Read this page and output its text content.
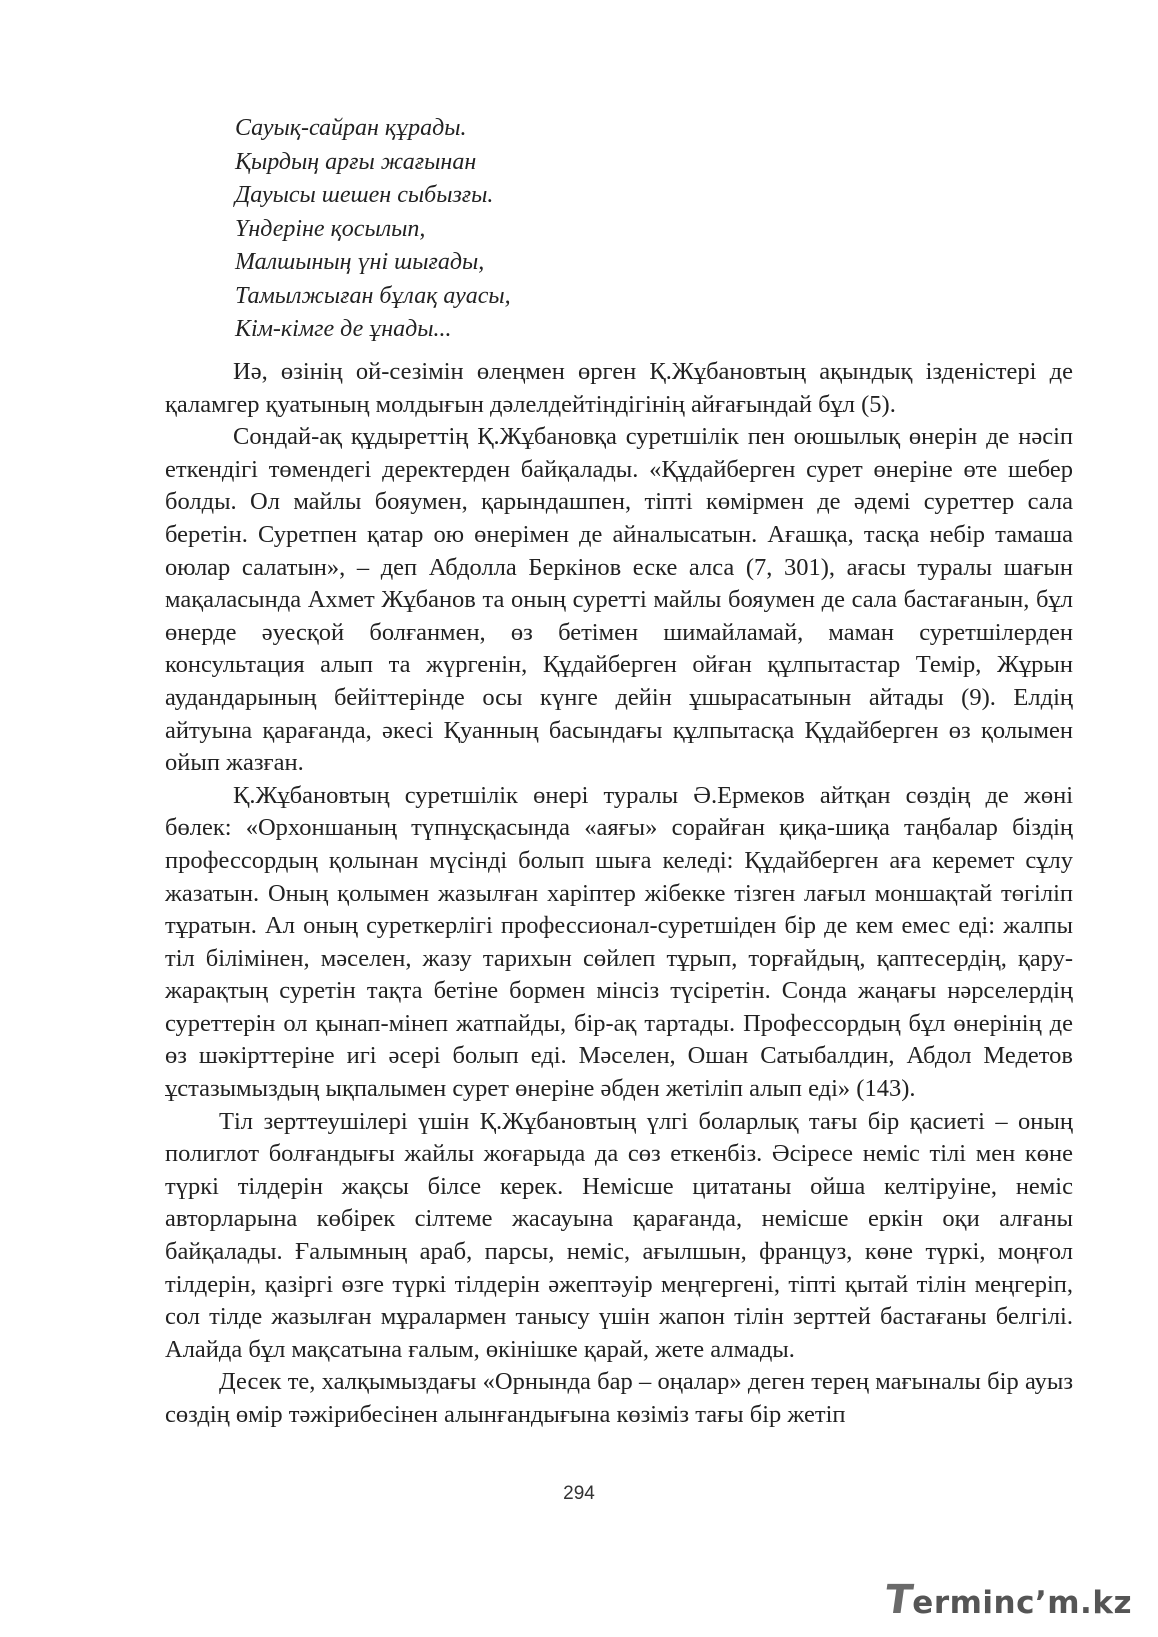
Сауық-сайран құрады.
Қырдың арғы жағынан
Дауысы шешен сыбызғы.
Үндеріне қосылып,
Малшының үні шығады,
Тамылжыған бұлақ ауасы,
Кім-кімге де ұнады...

Иә, өзінің ой-сезімін өлеңмен өрген Қ.Жұбановтың ақындық ізденістері де қаламгер қуатының молдығын дәлелдейтіндігінің айғағындай бұл (5).

Сондай-ақ құдыреттің Қ.Жұбановқа суретшілік пен оюшылық өнерін де нәсіп еткендігі төмендегі деректерден байқалады. «Құдайберген сурет өнеріне өте шебер болды. Ол майлы бояумен, қарындашпен, тіпті көмірмен де әдемі суреттер сала беретін. Суретпен қатар ою өнерімен де айналысатын. Ағашқа, тасқа небір тамаша оюлар салатын», – деп Абдолла Беркінов еске алса (7, 301), ағасы туралы шағын мақаласында Ахмет Жұбанов та оның суретті майлы бояумен де сала бастағанын, бұл өнерде әуесқой болғанмен, өз бетімен шимайламай, маман суретшілерден консультация алып та жүргенін, Құдайберген ойған құлпытастар Темір, Жұрын аудандарының бейіттерінде осы күнге дейін ұшырасатынын айтады (9). Елдің айтуына қарағанда, әкесі Қуанның басындағы құлпытасқа Құдайберген өз қолымен ойып жазған.

Қ.Жұбановтың суретшілік өнері туралы Ә.Ермеков айтқан сөздің де жөні бөлек: «Орхоншаның түпнұсқасында «аяғы» сорайған қиқа-шиқа таңбалар біздің профессордың қолынан мүсінді болып шыға келеді: Құдайберген аға керемет сұлу жазатын. Оның қолымен жазылған харіптер жібекке тізген лағыл моншақтай төгіліп тұратын. Ал оның суреткерлігі профессионал-суретшіден бір де кем емес еді: жалпы тіл білімінен, мәселен, жазу тарихын сөйлеп тұрып, торғайдың, қаптесердің, қару-жарақтың суретін тақта бетіне бормен мінсіз түсіретін. Сонда жаңағы нәрселердің суреттерін ол қынап-мінеп жатпайды, бір-ақ тартады. Профессордың бұл өнерінің де өз шәкірттеріне игі әсері болып еді. Мәселен, Ошан Сатыбалдин, Абдол Медетов ұстазымыздың ықпалымен сурет өнеріне әбден жетіліп алып еді» (143).

Тіл зерттеушілері үшін Қ.Жұбановтың үлгі боларлық тағы бір қасиеті – оның полиглот болғандығы жайлы жоғарыда да сөз еткенбіз. Әсіресе неміс тілі мен көне түркі тілдерін жақсы білсе керек. Немісше цитатаны ойша келтіруіне, неміс авторларына көбірек сілтеме жасауына қарағанда, немісше еркін оқи алғаны байқалады. Ғалымның араб, парсы, неміс, ағылшын, француз, көне түркі, моңғол тілдерін, қазіргі өзге түркі тілдерін әжептәуір меңгергені, тіпті қытай тілін меңгеріп, сол тілде жазылған мұралармен танысу үшін жапон тілін зерттей бастағаны белгілі. Алайда бұл мақсатына ғалым, өкінішке қарай, жете алмады.

Десек те, халқымыздағы «Орнында бар – оңалар» деген терең мағыналы бір ауыз сөздің өмір тәжірибесінен алынғандығына көзіміз тағы бір жетіп

294
Terminc’m.kz
